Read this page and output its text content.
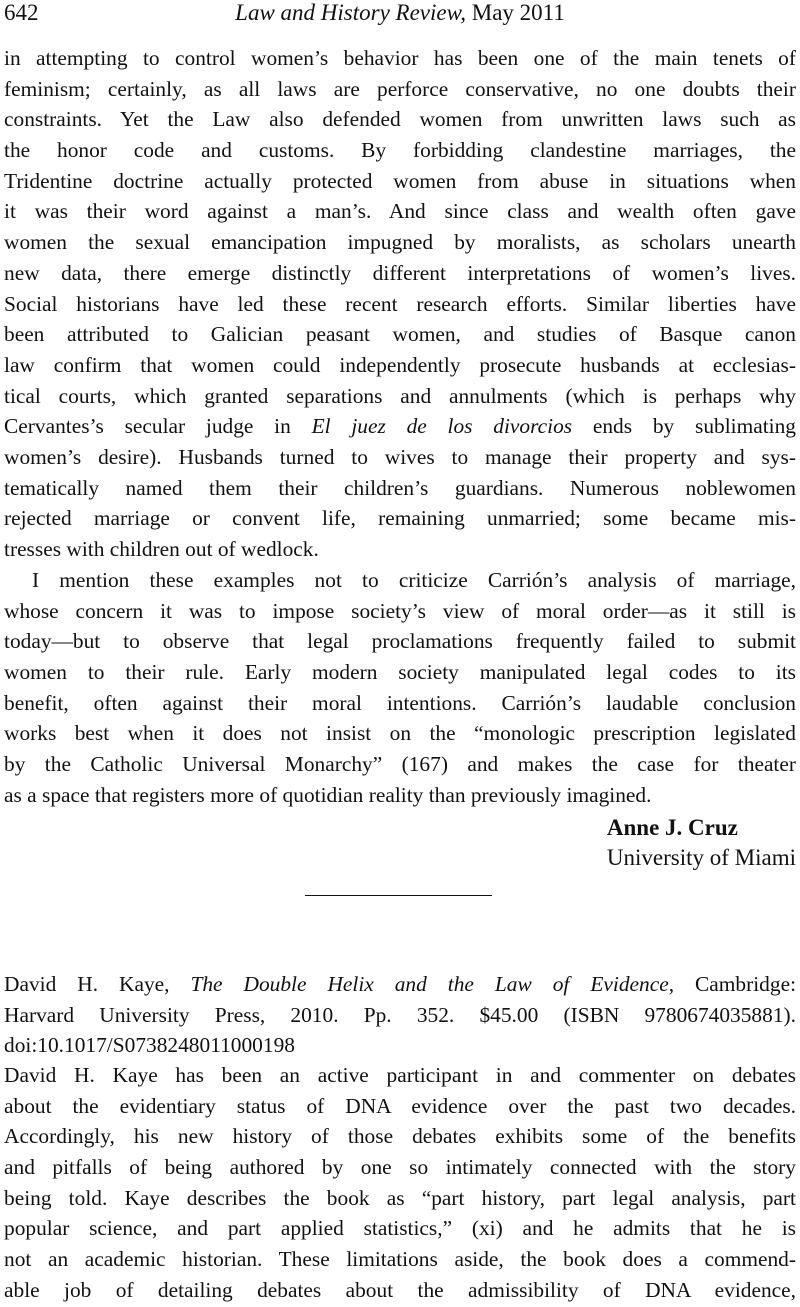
642	Law and History Review, May 2011
in attempting to control women’s behavior has been one of the main tenets of
feminism; certainly, as all laws are perforce conservative, no one doubts their
constraints. Yet the Law also defended women from unwritten laws such as
the honor code and customs. By forbidding clandestine marriages, the
Tridentine doctrine actually protected women from abuse in situations when
it was their word against a man’s. And since class and wealth often gave
women the sexual emancipation impugned by moralists, as scholars unearth
new data, there emerge distinctly different interpretations of women’s lives.
Social historians have led these recent research efforts. Similar liberties have
been attributed to Galician peasant women, and studies of Basque canon
law confirm that women could independently prosecute husbands at ecclesias-
tical courts, which granted separations and annulments (which is perhaps why
Cervantes’s secular judge in El juez de los divorcios ends by sublimating
women’s desire). Husbands turned to wives to manage their property and sys-
tematically named them their children’s guardians. Numerous noblewomen
rejected marriage or convent life, remaining unmarried; some became mis-
tresses with children out of wedlock.
I mention these examples not to criticize Carrión’s analysis of marriage,
whose concern it was to impose society’s view of moral order—as it still is
today—but to observe that legal proclamations frequently failed to submit
women to their rule. Early modern society manipulated legal codes to its
benefit, often against their moral intentions. Carrión’s laudable conclusion
works best when it does not insist on the “monologic prescription legislated
by the Catholic Universal Monarchy” (167) and makes the case for theater
as a space that registers more of quotidian reality than previously imagined.
Anne J. Cruz
University of Miami
David H. Kaye, The Double Helix and the Law of Evidence, Cambridge:
Harvard University Press, 2010. Pp. 352. $45.00 (ISBN 9780674035881).
doi:10.1017/S0738248011000198
David H. Kaye has been an active participant in and commenter on debates
about the evidentiary status of DNA evidence over the past two decades.
Accordingly, his new history of those debates exhibits some of the benefits
and pitfalls of being authored by one so intimately connected with the story
being told. Kaye describes the book as “part history, part legal analysis, part
popular science, and part applied statistics,” (xi) and he admits that he is
not an academic historian. These limitations aside, the book does a commend-
able job of detailing debates about the admissibility of DNA evidence,
